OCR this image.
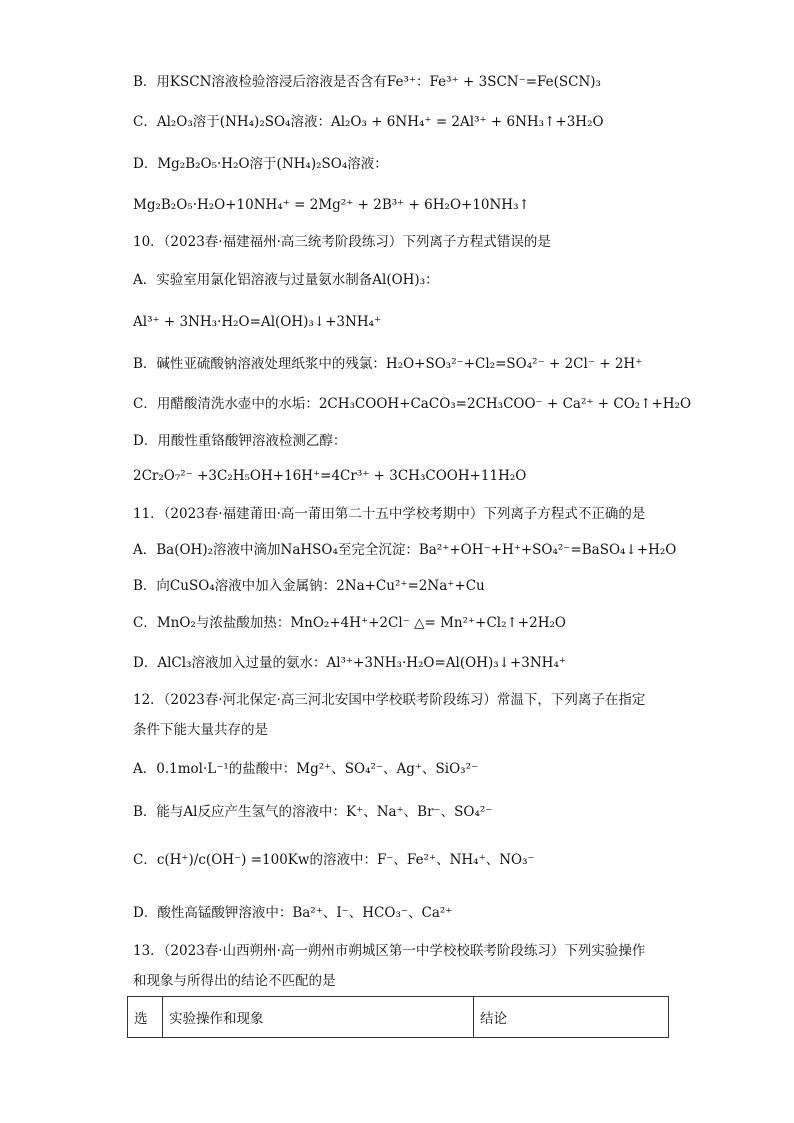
B．用KSCN溶液检验溶浸后溶液是否含有Fe³⁺：Fe³⁺ + 3SCN⁻=Fe(SCN)₃
C．Al₂O₃溶于(NH₄)₂SO₄溶液：Al₂O₃ + 6NH₄⁺ = 2Al³⁺ + 6NH₃↑+3H₂O
D．Mg₂B₂O₅·H₂O溶于(NH₄)₂SO₄溶液：
Mg₂B₂O₅·H₂O+10NH₄⁺ = 2Mg²⁺ + 2B³⁺ + 6H₂O+10NH₃↑
10．（2023春·福建福州·高三统考阶段练习）下列离子方程式错误的是
A．实验室用氯化铝溶液与过量氨水制备Al(OH)₃：
Al³⁺ + 3NH₃·H₂O=Al(OH)₃↓+3NH₄⁺
B．碱性亚硫酸钠溶液处理纸浆中的残氯：H₂O+SO₃²⁻+Cl₂=SO₄²⁻ + 2Cl⁻ + 2H⁺
C．用醋酸清洗水壶中的水垢：2CH₃COOH+CaCO₃=2CH₃COO⁻ + Ca²⁺ + CO₂↑+H₂O
D．用酸性重铬酸钾溶液检测乙醇：
2Cr₂O₇²⁻ +3C₂H₅OH+16H⁺=4Cr³⁺ + 3CH₃COOH+11H₂O
11．（2023春·福建莆田·高一莆田第二十五中学校考期中）下列离子方程式不正确的是
A．Ba(OH)₂溶液中滴加NaHSO₄至完全沉淀：Ba²⁺+OH⁻+H⁺+SO₄²⁻=BaSO₄↓+H₂O
B．向CuSO₄溶液中加入金属钠：2Na+Cu²⁺=2Na⁺+Cu
C．MnO₂与浓盐酸加热：MnO₂+4H⁺+2Cl⁻ △= Mn²⁺+Cl₂↑+2H₂O
D．AlCl₃溶液加入过量的氨水：Al³⁺+3NH₃·H₂O=Al(OH)₃↓+3NH₄⁺
12．（2023春·河北保定·高三河北安国中学校联考阶段练习）常温下，下列离子在指定
条件下能大量共存的是
A．0.1mol·L⁻¹的盐酸中：Mg²⁺、SO₄²⁻、Ag⁺、SiO₃²⁻
B．能与Al反应产生氢气的溶液中：K⁺、Na⁺、Br⁻、SO₄²⁻
C．c(H⁺)/c(OH⁻) =100Kw的溶液中：F⁻、Fe²⁺、NH₄⁺、NO₃⁻
D．酸性高锰酸钾溶液中：Ba²⁺、I⁻、HCO₃⁻、Ca²⁺
13．（2023春·山西朔州·高一朔州市朔城区第一中学校校联考阶段练习）下列实验操作
和现象与所得出的结论不匹配的是
选	实验操作和现象	结论
